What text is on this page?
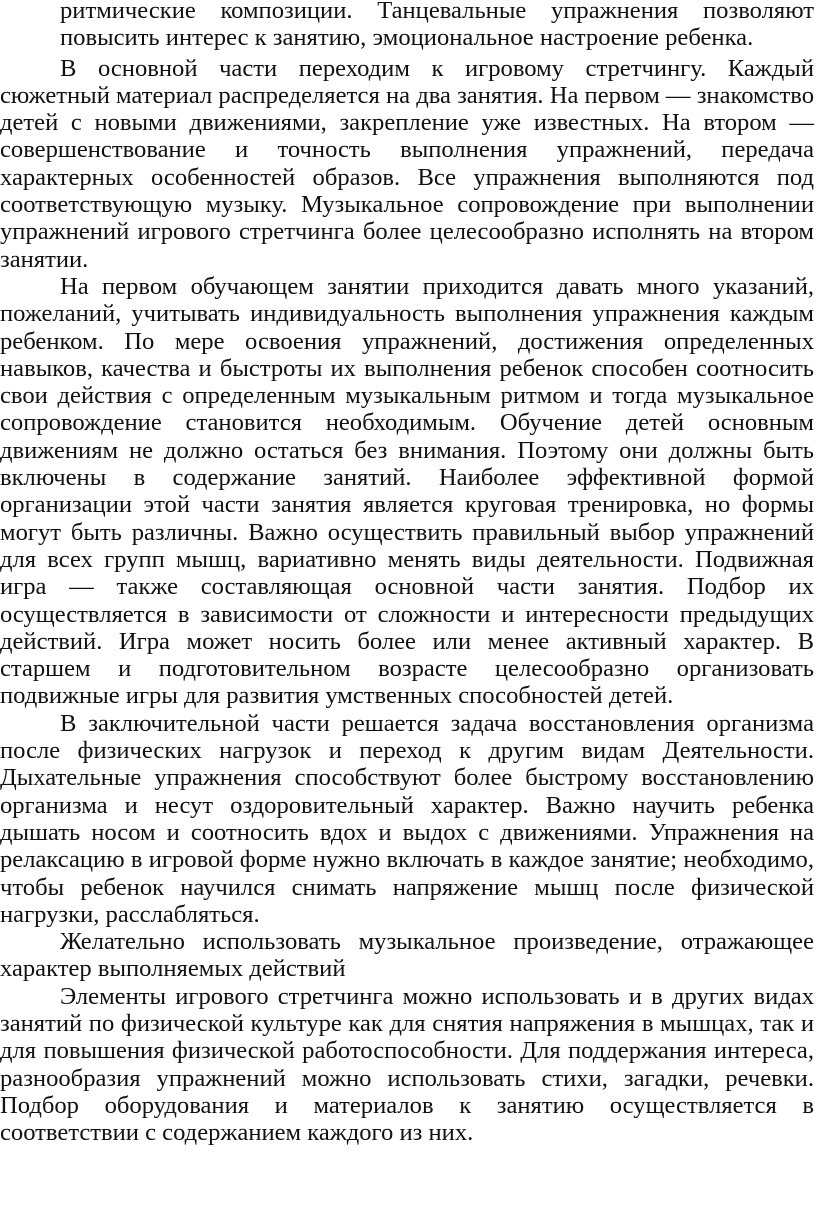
ритмические композиции. Танцевальные упражнения позволяют повысить интерес к занятию, эмоциональное настроение ребенка.

В основной части переходим к игровому стретчингу. Каждый сюжетный материал распределяется на два занятия. На первом — знакомство детей с новыми движениями, закрепление уже известных. На втором — совершенствование и точность выполнения упражнений, передача характерных особенностей образов. Все упражнения выполняются под соответствующую музыку. Музыкальное сопровождение при выполнении упражнений игрового стретчинга более целесообразно исполнять на втором занятии.

На первом обучающем занятии приходится давать много указаний, пожеланий, учитывать индивидуальность выполнения упражнения каждым ребенком. По мере освоения упражнений, достижения определенных навыков, качества и быстроты их выполнения ребенок способен соотносить свои действия с определенным музыкальным ритмом и тогда музыкальное сопровождение становится необходимым. Обучение детей основным движениям не должно остаться без внимания. Поэтому они должны быть включены в содержание занятий. Наиболее эффективной формой организации этой части занятия является круговая тренировка, но формы могут быть различны. Важно осуществить правильный выбор упражнений для всех групп мышц, вариативно менять виды деятельности. Подвижная игра — также составляющая основной части занятия. Подбор их осуществляется в зависимости от сложности и интересности предыдущих действий. Игра может носить более или менее активный характер. В старшем и подготовительном возрасте целесообразно организовать подвижные игры для развития умственных способностей детей.

В заключительной части решается задача восстановления организма после физических нагрузок и переход к другим видам Деятельности. Дыхательные упражнения способствуют более быстрому восстановлению организма и несут оздоровительный характер. Важно научить ребенка дышать носом и соотносить вдох и выдох с движениями. Упражнения на релаксацию в игровой форме нужно включать в каждое занятие; необходимо, чтобы ребенок научился снимать напряжение мышц после физической нагрузки, расслабляться.

Желательно использовать музыкальное произведение, отражающее характер выполняемых действий

Элементы игрового стретчинга можно использовать и в других видах занятий по физической культуре как для снятия напряжения в мышцах, так и для повышения физической работоспособности. Для поддержания интереса, разнообразия упражнений можно использовать стихи, загадки, речевки. Подбор оборудования и материалов к занятию осуществляется в соответствии с содержанием каждого из них.
